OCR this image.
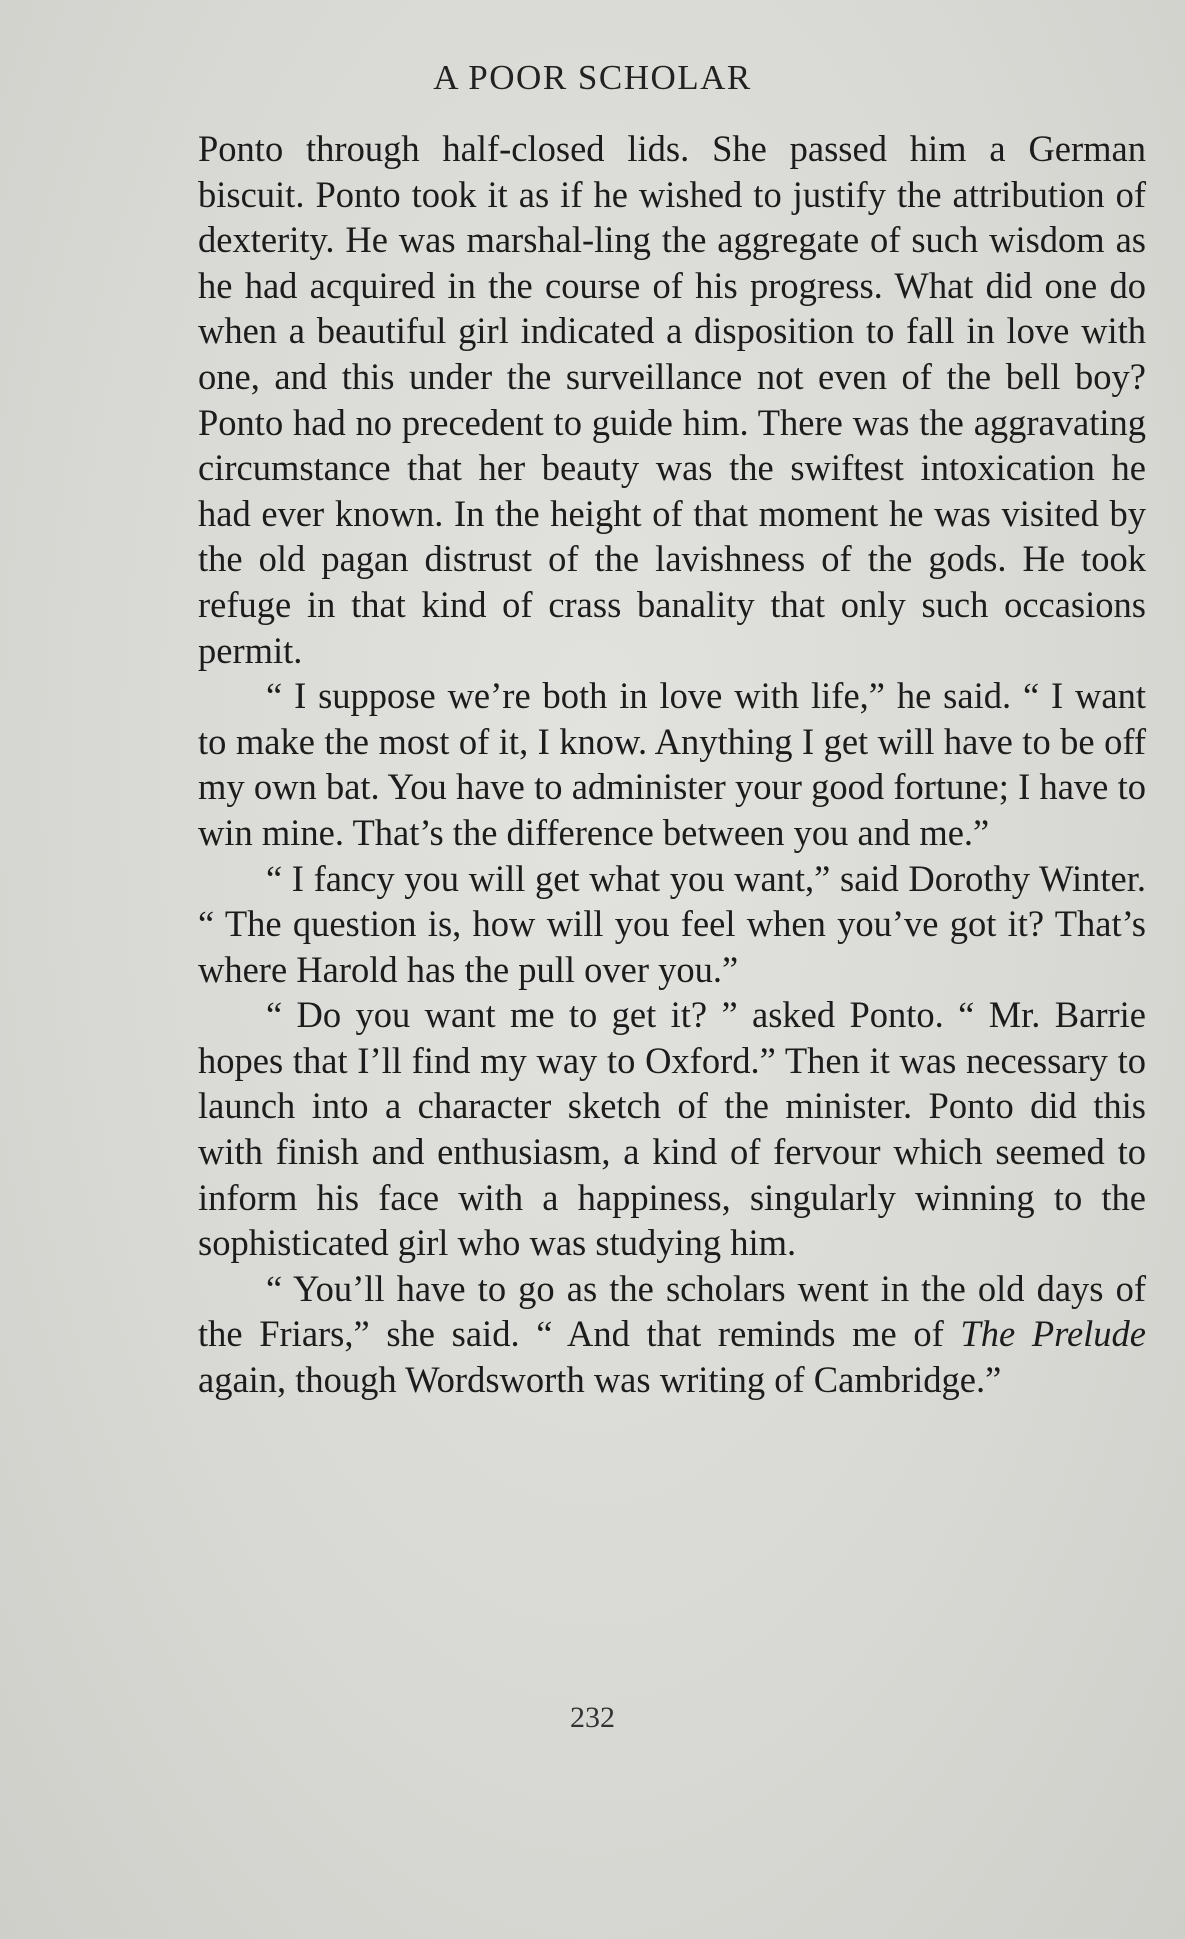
A POOR SCHOLAR

Ponto through half-closed lids. She passed him a German biscuit. Ponto took it as if he wished to justify the attribution of dexterity. He was marshal-ling the aggregate of such wisdom as he had acquired in the course of his progress. What did one do when a beautiful girl indicated a disposition to fall in love with one, and this under the surveillance not even of the bell boy? Ponto had no precedent to guide him. There was the aggravating circumstance that her beauty was the swiftest intoxication he had ever known. In the height of that moment he was visited by the old pagan distrust of the lavishness of the gods. He took refuge in that kind of crass banality that only such occasions permit.

“ I suppose we’re both in love with life,” he said. “ I want to make the most of it, I know. Anything I get will have to be off my own bat. You have to administer your good fortune; I have to win mine. That’s the difference between you and me.”

“ I fancy you will get what you want,” said Dorothy Winter. “ The question is, how will you feel when you’ve got it? That’s where Harold has the pull over you.”

“ Do you want me to get it? ” asked Ponto. “ Mr. Barrie hopes that I’ll find my way to Oxford.” Then it was necessary to launch into a character sketch of the minister. Ponto did this with finish and enthusiasm, a kind of fervour which seemed to inform his face with a happiness, singularly winning to the sophisticated girl who was studying him.

“ You’ll have to go as the scholars went in the old days of the Friars,” she said. “ And that reminds me of The Prelude again, though Wordsworth was writing of Cambridge.”

232
